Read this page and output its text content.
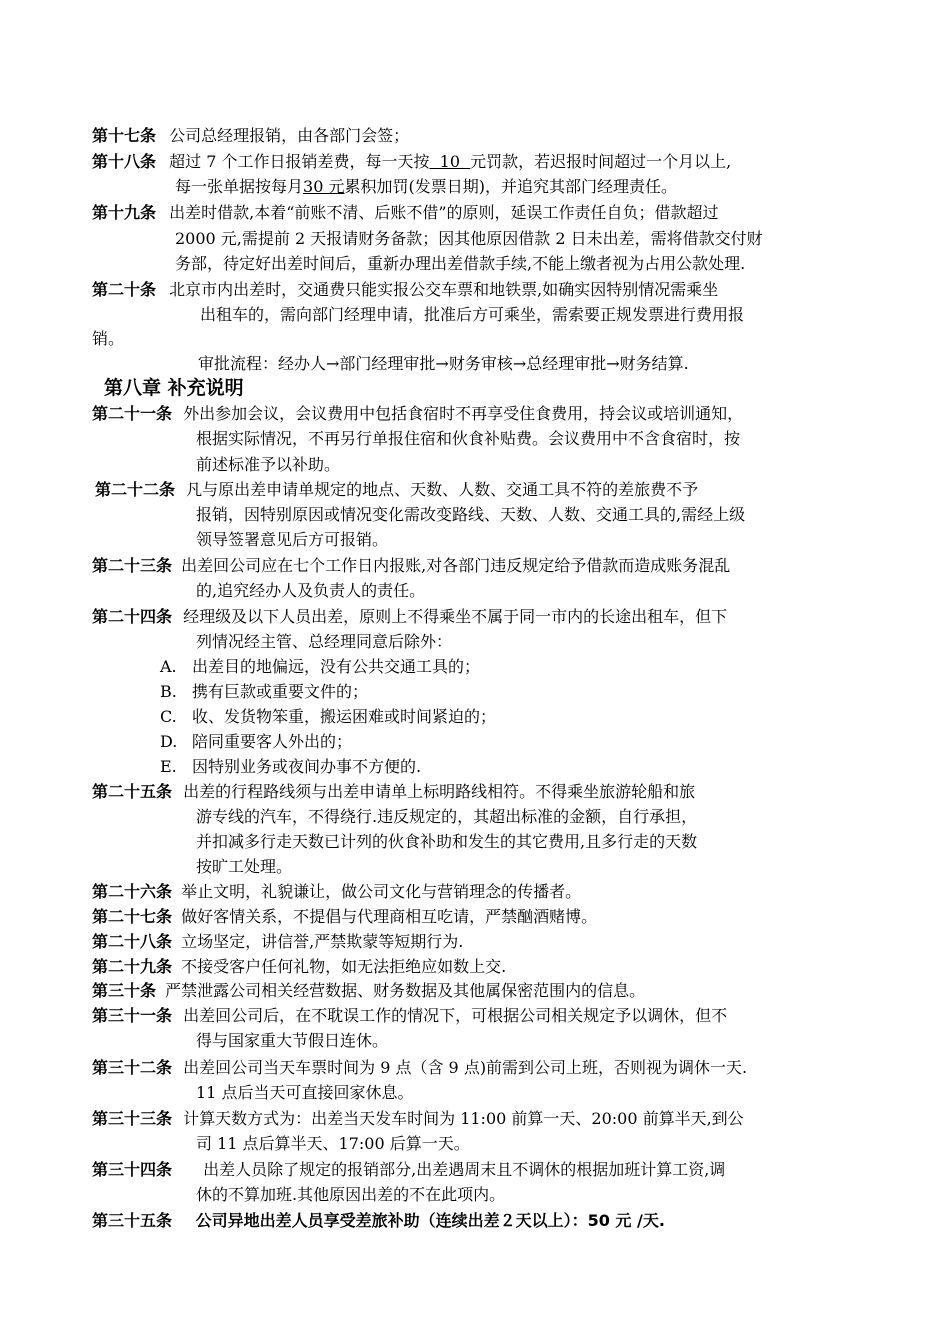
第十七条 公司总经理报销，由各部门会签；
第十八条 超过 7 个工作日报销差费，每一天按  10  元罚款，若迟报时间超过一个月以上,
每一张单据按每月30 元累积加罚(发票日期)，并追究其部门经理责任。
第十九条 出差时借款,本着“前账不清、后账不借”的原则，延误工作责任自负；借款超过
2000 元,需提前 2 天报请财务备款；因其他原因借款 2 日未出差，需将借款交付财
务部，待定好出差时间后，重新办理出差借款手续,不能上缴者视为占用公款处理.
第二十条 北京市内出差时，交通费只能实报公交车票和地铁票,如确实因特别情况需乘坐
出租车的，需向部门经理申请，批准后方可乘坐，需索要正规发票进行费用报
销。
审批流程：经办人→部门经理审批→财务审核→总经理审批→财务结算.
第八章 补充说明
第二十一条 外出参加会议，会议费用中包括食宿时不再享受住食费用，持会议或培训通知，
根据实际情况，不再另行单报住宿和伙食补贴费。会议费用中不含食宿时，按
前述标准予以补助。
第二十二条 凡与原出差申请单规定的地点、天数、人数、交通工具不符的差旅费不予
报销，因特别原因或情况变化需改变路线、天数、人数、交通工具的,需经上级
领导签署意见后方可报销。
第二十三条 出差回公司应在七个工作日内报账,对各部门违反规定给予借款而造成账务混乱
的,追究经办人及负责人的责任。
第二十四条 经理级及以下人员出差，原则上不得乘坐不属于同一市内的长途出租车，但下
列情况经主管、总经理同意后除外：
A. 出差目的地偏远，没有公共交通工具的；
B. 携有巨款或重要文件的；
C. 收、发货物笨重，搬运困难或时间紧迫的；
D. 陪同重要客人外出的；
E. 因特别业务或夜间办事不方便的.
第二十五条 出差的行程路线须与出差申请单上标明路线相符。不得乘坐旅游轮船和旅
游专线的汽车，不得绕行.违反规定的，其超出标准的金额，自行承担，
并扣减多行走天数已计列的伙食补助和发生的其它费用,且多行走的天数
按旷工处理。
第二十六条 举止文明，礼貌谦让，做公司文化与营销理念的传播者。
第二十七条 做好客情关系，不提倡与代理商相互吃请，严禁酗酒赌博。
第二十八条 立场坚定，讲信誉,严禁欺蒙等短期行为.
第二十九条 不接受客户任何礼物，如无法拒绝应如数上交.
第三十条 严禁泄露公司相关经营数据、财务数据及其他属保密范围内的信息。
第三十一条 出差回公司后，在不耽误工作的情况下，可根据公司相关规定予以调休，但不
得与国家重大节假日连休。
第三十二条 出差回公司当天车票时间为 9 点（含 9 点)前需到公司上班，否则视为调休一天.
11 点后当天可直接回家休息。
第三十三条 计算天数方式为：出差当天发车时间为 11:00 前算一天、20:00 前算半天,到公
司 11 点后算半天、17:00 后算一天。
第三十四条 出差人员除了规定的报销部分,出差遇周末且不调休的根据加班计算工资,调
休的不算加班.其他原因出差的不在此项内。
第三十五条 公司异地出差人员享受差旅补助（连续出差２天以上）：50 元 /天.
